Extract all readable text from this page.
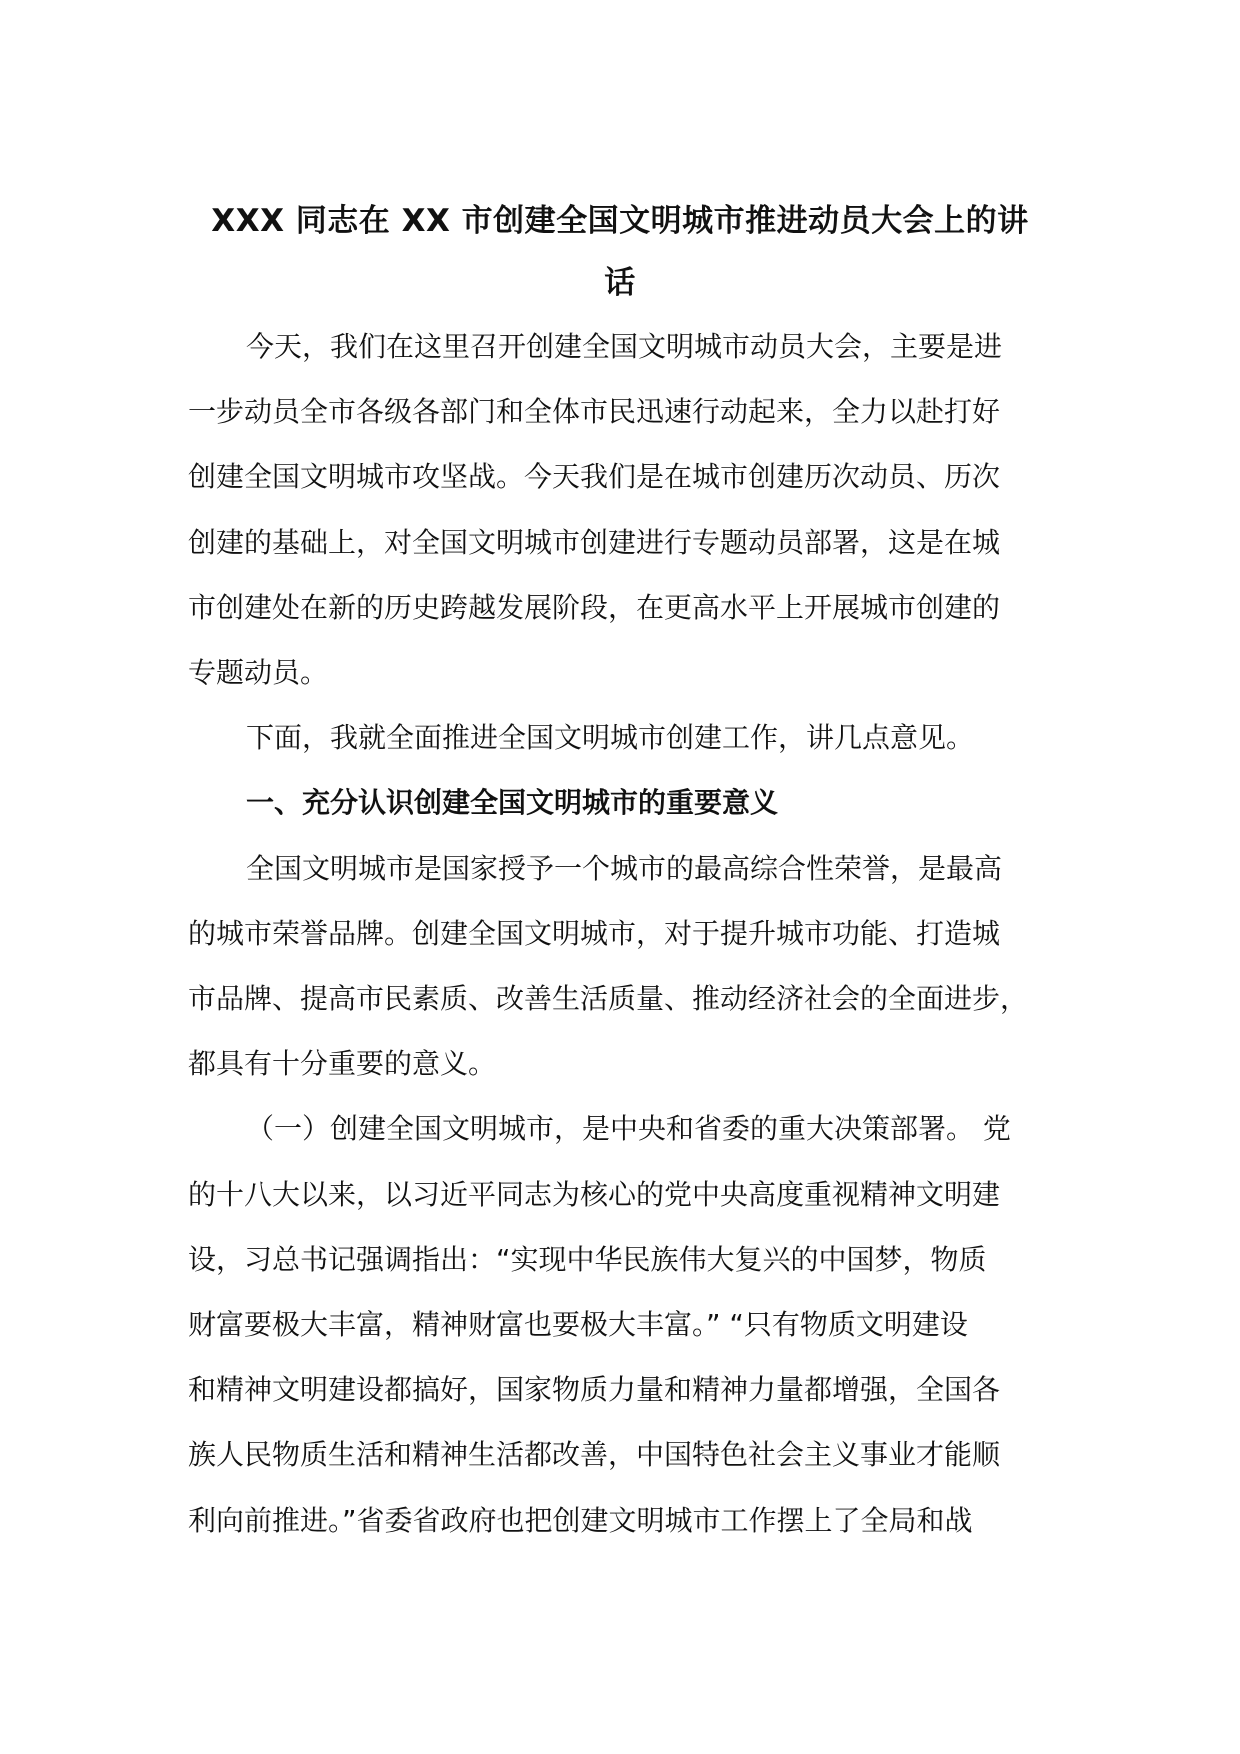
XXX 同志在 XX 市创建全国文明城市推进动员大会上的讲
话

今天，我们在这里召开创建全国文明城市动员大会，主要是进
一步动员全市各级各部门和全体市民迅速行动起来，全力以赴打好
创建全国文明城市攻坚战。今天我们是在城市创建历次动员、历次
创建的基础上，对全国文明城市创建进行专题动员部署，这是在城
市创建处在新的历史跨越发展阶段，在更高水平上开展城市创建的
专题动员。

下面，我就全面推进全国文明城市创建工作，讲几点意见。

一、充分认识创建全国文明城市的重要意义

全国文明城市是国家授予一个城市的最高综合性荣誉，是最高
的城市荣誉品牌。创建全国文明城市，对于提升城市功能、打造城
市品牌、提高市民素质、改善生活质量、推动经济社会的全面进步，
都具有十分重要的意义。

（一）创建全国文明城市，是中央和省委的重大决策部署。 党
的十八大以来，以习近平同志为核心的党中央高度重视精神文明建
设，习总书记强调指出：“实现中华民族伟大复兴的中国梦，物质
财富要极大丰富，精神财富也要极大丰富。” “只有物质文明建设
和精神文明建设都搞好，国家物质力量和精神力量都增强，全国各
族人民物质生活和精神生活都改善，中国特色社会主义事业才能顺
利向前推进。”省委省政府也把创建文明城市工作摆上了全局和战
